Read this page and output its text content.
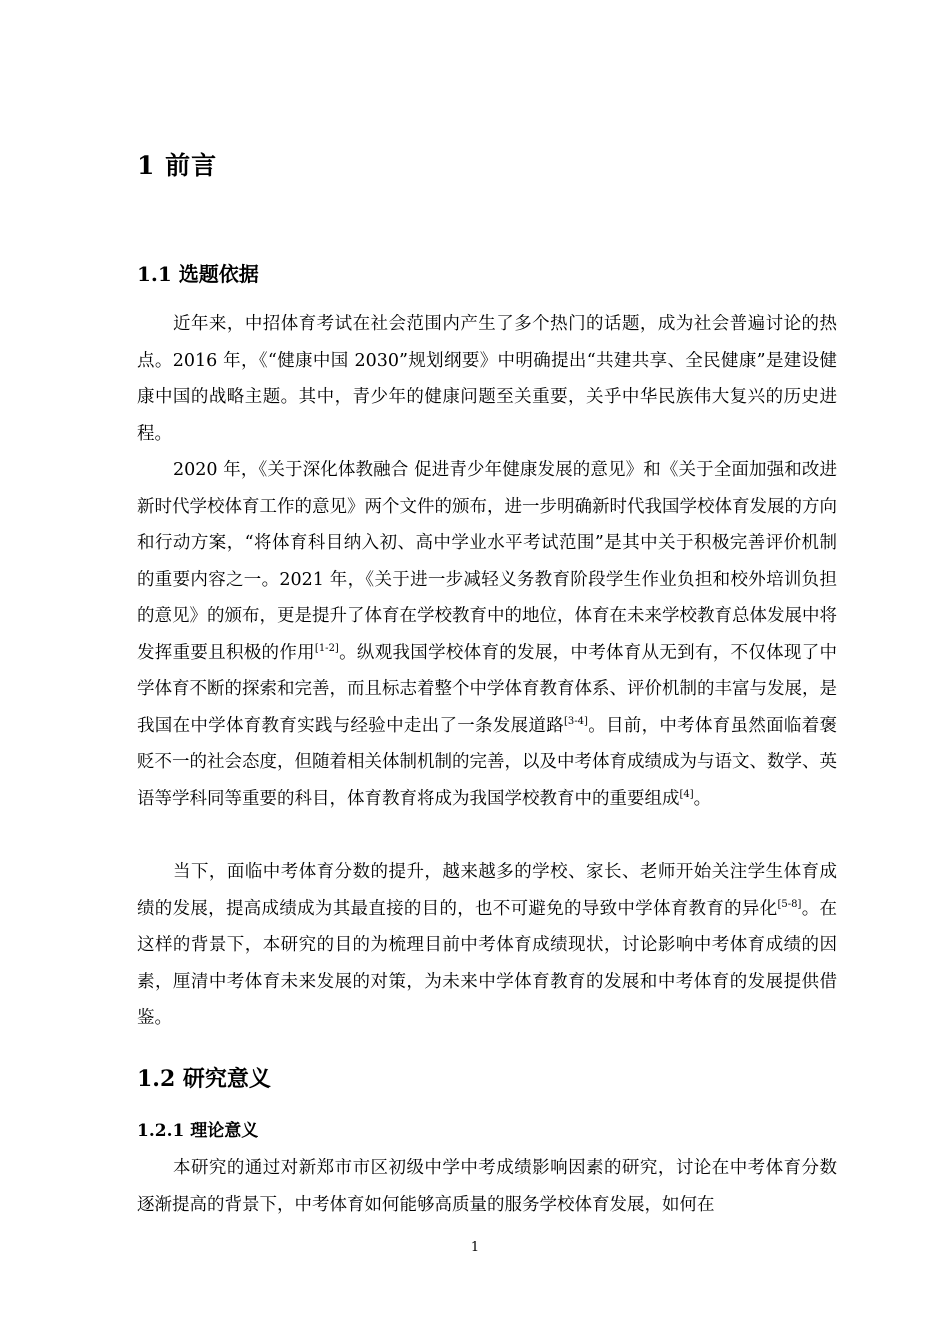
1 前言
1.1 选题依据

近年来，中招体育考试在社会范围内产生了多个热门的话题，成为社会普遍讨论的热点。2016 年，《“健康中国 2030”规划纲要》中明确提出“共建共享、全民健康”是建设健康中国的战略主题。其中，青少年的健康问题至关重要，关乎中华民族伟大复兴的历史进程。

2020 年，《关于深化体教融合 促进青少年健康发展的意见》和《关于全面加强和改进新时代学校体育工作的意见》两个文件的颁布，进一步明确新时代我国学校体育发展的方向和行动方案，“将体育科目纳入初、高中学业水平考试范围”是其中关于积极完善评价机制的重要内容之一。2021 年，《关于进一步减轻义务教育阶段学生作业负担和校外培训负担的意见》的颁布，更是提升了体育在学校教育中的地位，体育在未来学校教育总体发展中将发挥重要且积极的作用[1-2]。纵观我国学校体育的发展，中考体育从无到有，不仅体现了中学体育不断的探索和完善，而且标志着整个中学体育教育体系、评价机制的丰富与发展，是我国在中学体育教育实践与经验中走出了一条发展道路[3-4]。目前，中考体育虽然面临着褒贬不一的社会态度，但随着相关体制机制的完善，以及中考体育成绩成为与语文、数学、英语等学科同等重要的科目，体育教育将成为我国学校教育中的重要组成[4]。

当下，面临中考体育分数的提升，越来越多的学校、家长、老师开始关注学生体育成绩的发展，提高成绩成为其最直接的目的，也不可避免的导致中学体育教育的异化[5-8]。在这样的背景下，本研究的目的为梳理目前中考体育成绩现状，讨论影响中考体育成绩的因素，厘清中考体育未来发展的对策，为未来中学体育教育的发展和中考体育的发展提供借鉴。

1.2 研究意义
1.2.1 理论意义

本研究的通过对新郑市市区初级中学中考成绩影响因素的研究，讨论在中考体育分数逐渐提高的背景下，中考体育如何能够高质量的服务学校体育发展，如何在

1
